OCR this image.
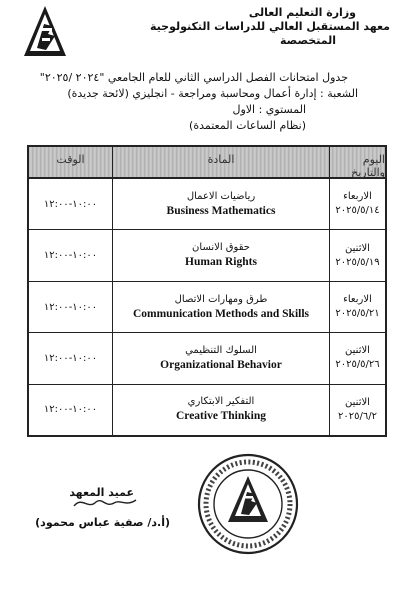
وزارة التعليم العالى
معهد المستقبل العالي للدراسات التكنولوجية
المتخصصة
جدول امتحانات الفصل الدراسي الثاني للعام الجامعي "٢٠٢٤ /٢٠٢٥"
الشعبة : إدارة أعمال ومحاسبة ومراجعة - انجليزي (لائحة جديدة)
المستوي : الاول
(نظام الساعات المعتمدة)
اليوم والتاريخ
المادة
الوقت
الاربعاء
٢٠٢٥/٥/١٤
رياضيات الاعمال
Business Mathematics
١٠:٠٠-١٢:٠٠
الاثنين
٢٠٢٥/٥/١٩
حقوق الانسان
Human Rights
١٠:٠٠-١٢:٠٠
الاربعاء
٢٠٢٥/٥/٢١
طرق ومهارات الاتصال
Communication Methods and Skills
١٠:٠٠-١٢:٠٠
الاثنين
٢٠٢٥/٥/٢٦
السلوك التنظيمي
Organizational Behavior
١٠:٠٠-١٢:٠٠
الاثنين
٢٠٢٥/٦/٢
التفكير الابتكاري
Creative Thinking
١٠:٠٠-١٢:٠٠
عميد المعهد
(أ.د/ صفية عباس محمود)
